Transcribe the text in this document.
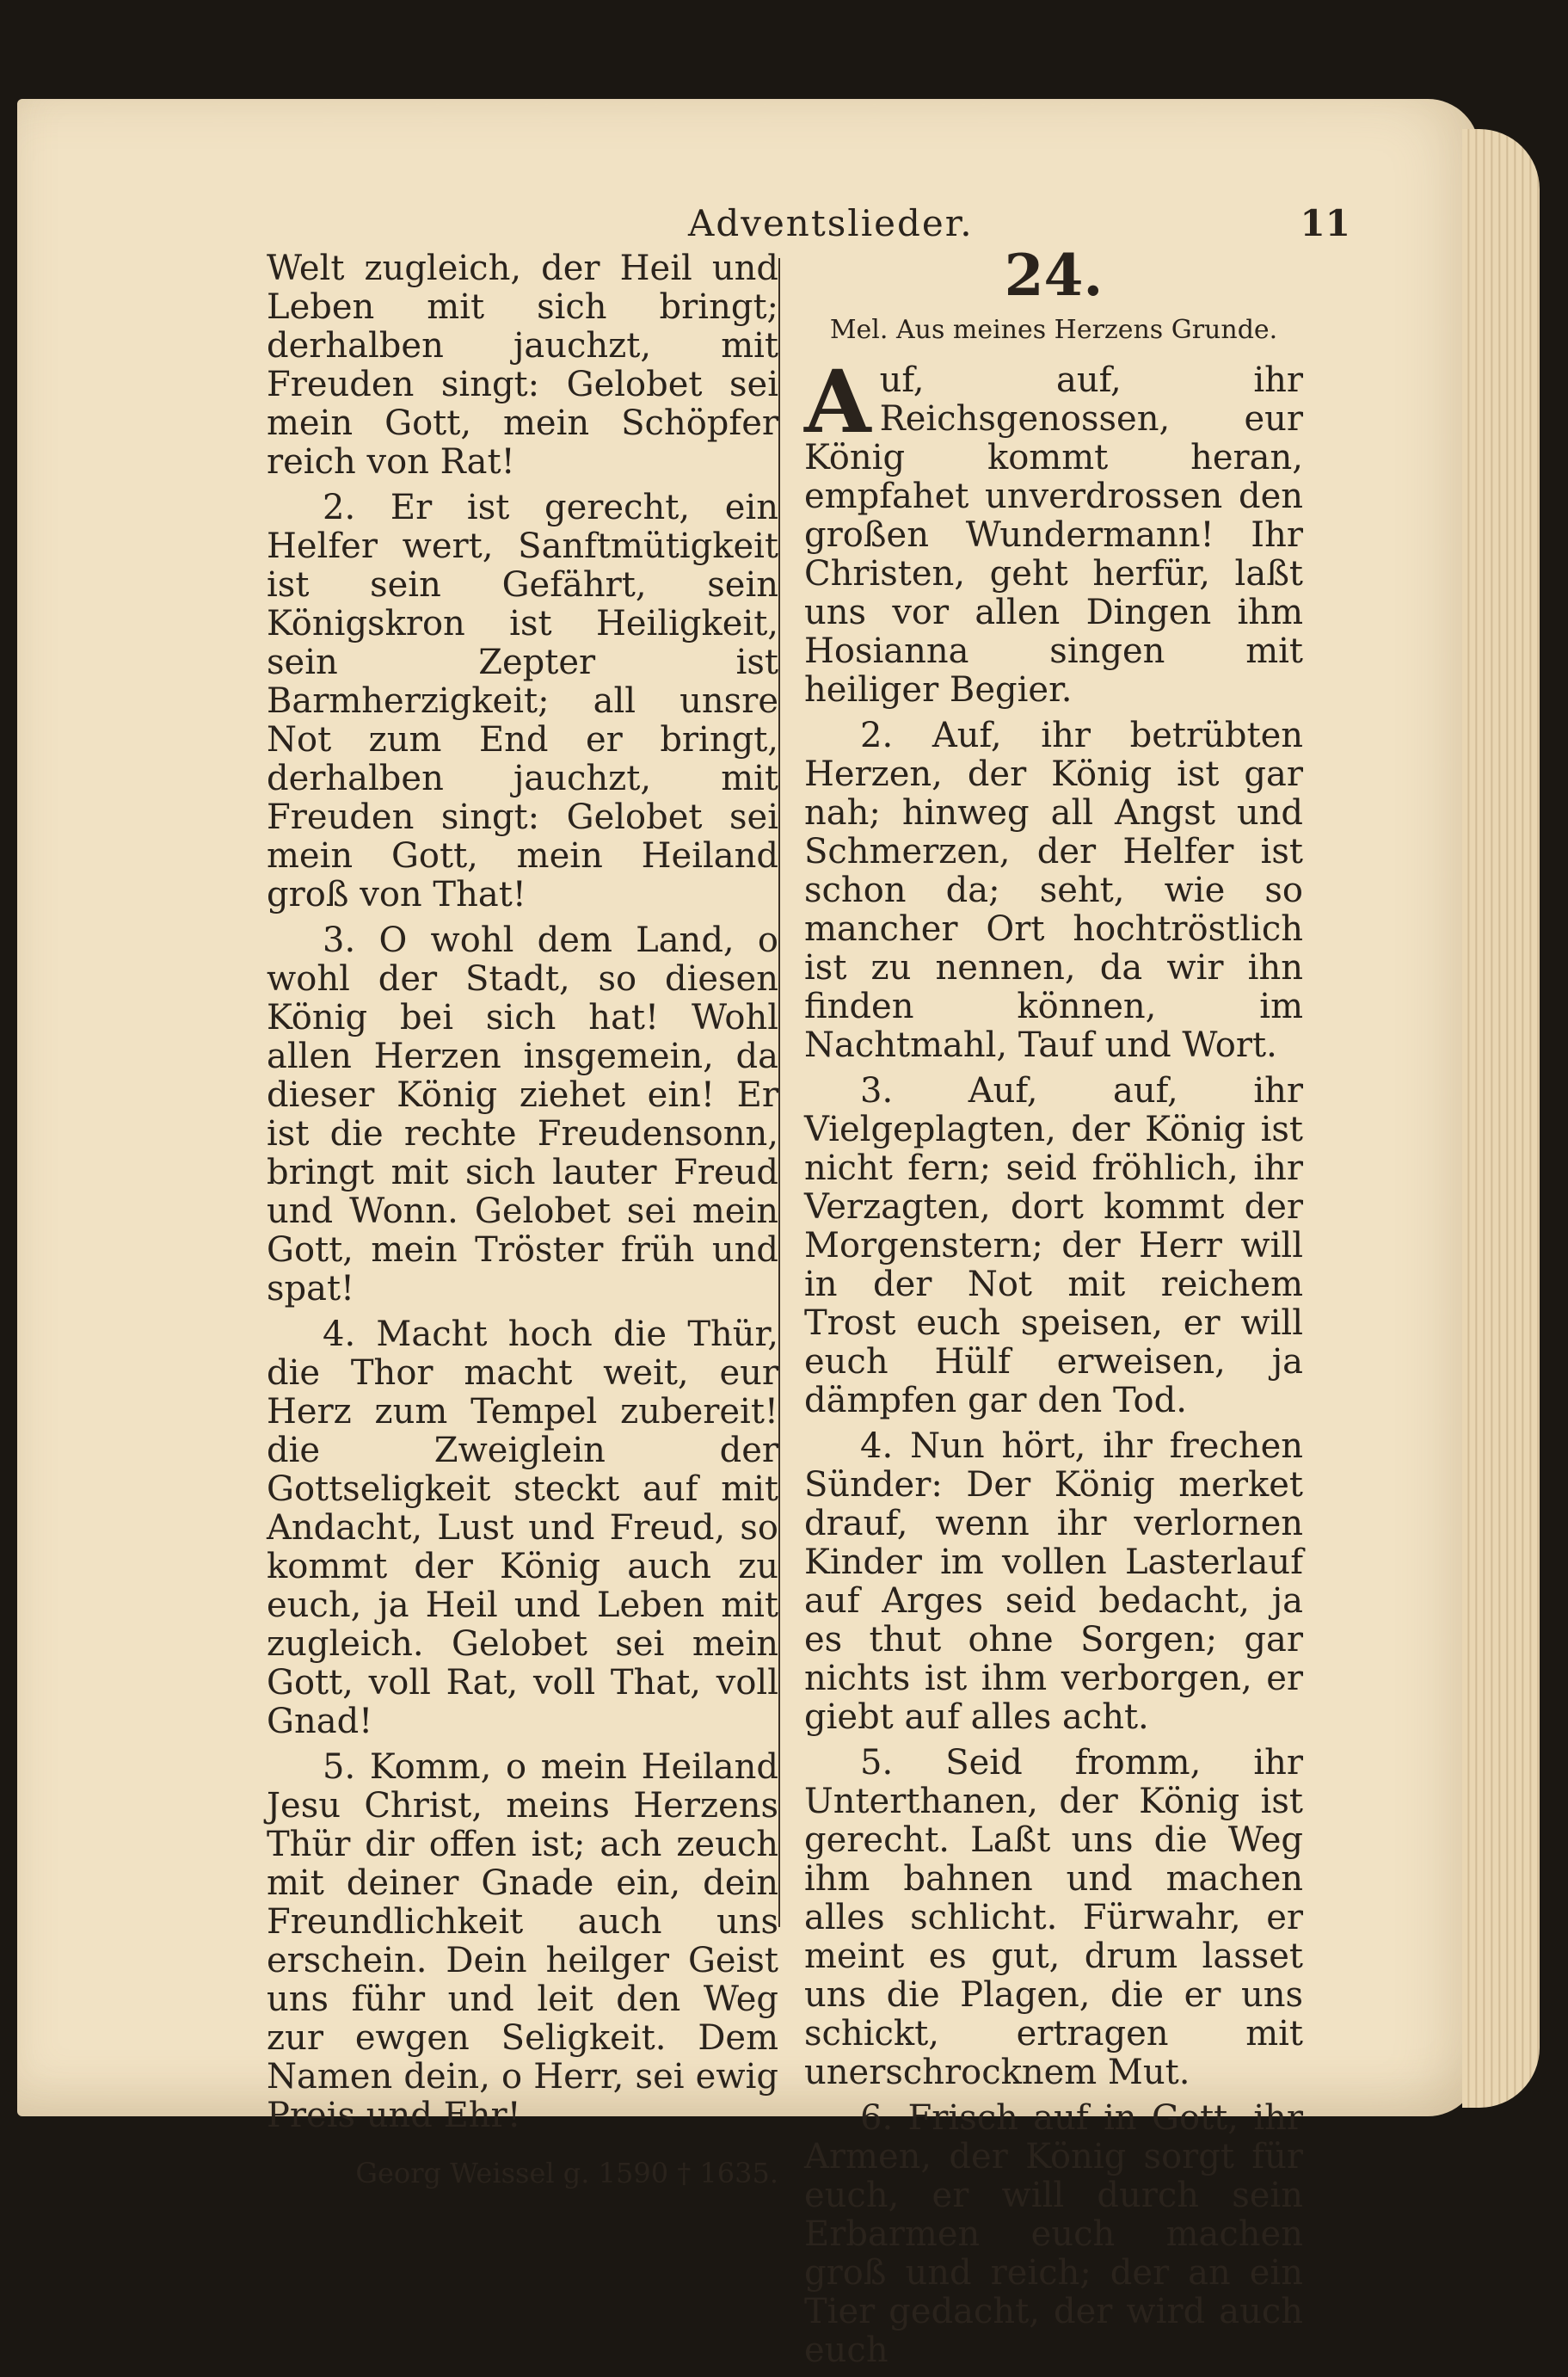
Adventslieder.	11

Welt zugleich, der Heil und Leben mit sich bringt; derhalben jauchzt, mit Freuden singt: Gelobet sei mein Gott, mein Schöpfer reich von Rat!

2. Er ist gerecht, ein Helfer wert, Sanftmütigkeit ist sein Gefährt, sein Königskron ist Heiligkeit, sein Zepter ist Barmherzigkeit; all unsre Not zum End er bringt, derhalben jauchzt, mit Freuden singt: Gelobet sei mein Gott, mein Heiland groß von That!

3. O wohl dem Land, o wohl der Stadt, so diesen König bei sich hat! Wohl allen Herzen insgemein, da dieser König ziehet ein! Er ist die rechte Freudensonn, bringt mit sich lauter Freud und Wonn. Gelobet sei mein Gott, mein Tröster früh und spat!

4. Macht hoch die Thür, die Thor macht weit, eur Herz zum Tempel zubereit! die Zweiglein der Gottseligkeit steckt auf mit Andacht, Lust und Freud, so kommt der König auch zu euch, ja Heil und Leben mit zugleich. Gelobet sei mein Gott, voll Rat, voll That, voll Gnad!

5. Komm, o mein Heiland Jesu Christ, meins Herzens Thür dir offen ist; ach zeuch mit deiner Gnade ein, dein Freundlichkeit auch uns erschein. Dein heilger Geist uns führ und leit den Weg zur ewgen Seligkeit. Dem Namen dein, o Herr, sei ewig Preis und Ehr!

Georg Weissel g. 1590 † 1635.

24.

Mel. Aus meines Herzens Grunde.

Auf, auf, ihr Reichsgenossen, eur König kommt heran, empfahet unverdrossen den großen Wundermann! Ihr Christen, geht herfür, laßt uns vor allen Dingen ihm Hosianna singen mit heiliger Begier.

2. Auf, ihr betrübten Herzen, der König ist gar nah; hinweg all Angst und Schmerzen, der Helfer ist schon da; seht, wie so mancher Ort hochtröstlich ist zu nennen, da wir ihn finden können, im Nachtmahl, Tauf und Wort.

3. Auf, auf, ihr Vielgeplagten, der König ist nicht fern; seid fröhlich, ihr Verzagten, dort kommt der Morgenstern; der Herr will in der Not mit reichem Trost euch speisen, er will euch Hülf erweisen, ja dämpfen gar den Tod.

4. Nun hört, ihr frechen Sünder: Der König merket drauf, wenn ihr verlornen Kinder im vollen Lasterlauf auf Arges seid bedacht, ja es thut ohne Sorgen; gar nichts ist ihm verborgen, er giebt auf alles acht.

5. Seid fromm, ihr Unterthanen, der König ist gerecht. Laßt uns die Weg ihm bahnen und machen alles schlicht. Fürwahr, er meint es gut, drum lasset uns die Plagen, die er uns schickt, ertragen mit unerschrocknem Mut.

6. Frisch auf in Gott, ihr Armen, der König sorgt für euch, er will durch sein Erbarmen euch machen groß und reich; der an ein Tier gedacht, der wird auch euch
